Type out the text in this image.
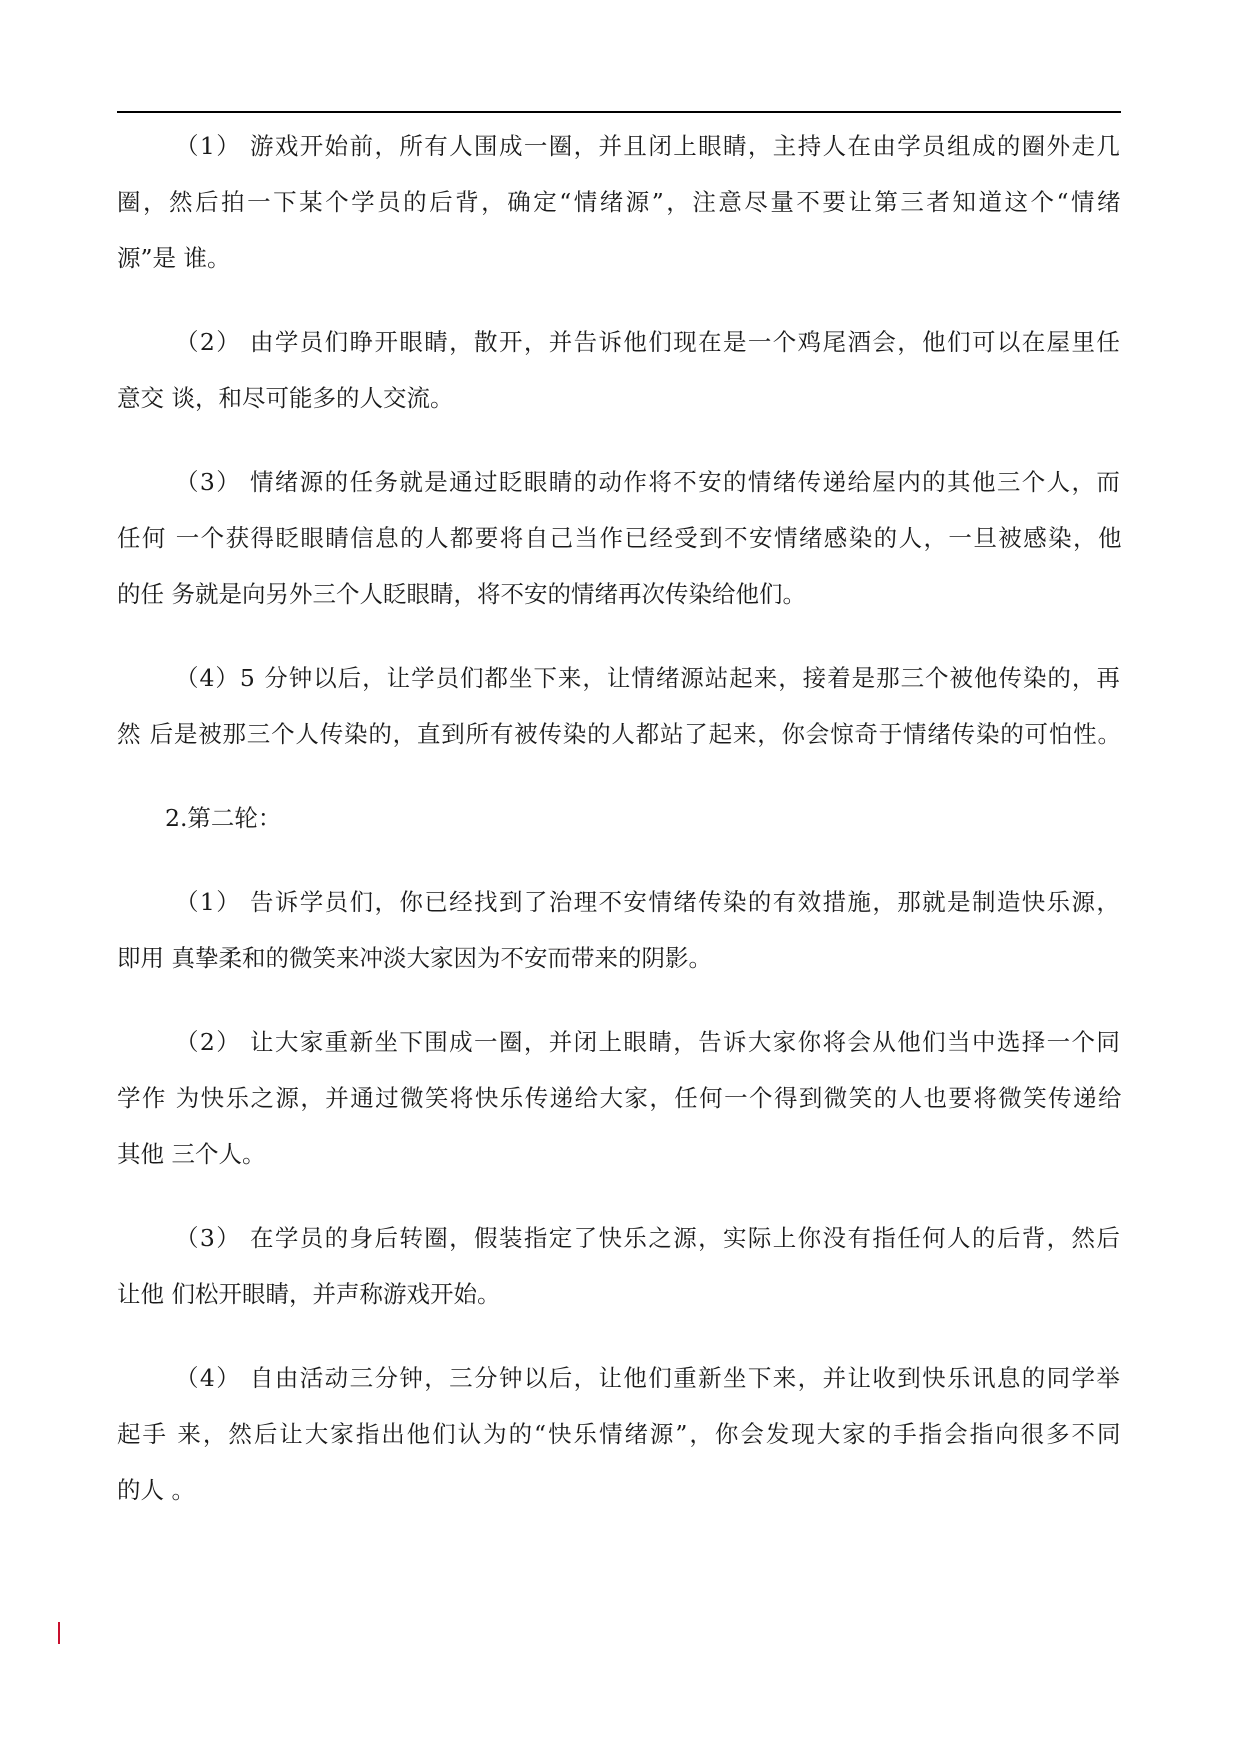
（1） 游戏开始前，所有人围成一圈，并且闭上眼睛，主持人在由学员组成的圈外走几
圈，然后拍一下某个学员的后背，确定“情绪源”，注意尽量不要让第三者知道这个“情绪
源”是 谁。
（2） 由学员们睁开眼睛，散开，并告诉他们现在是一个鸡尾酒会，他们可以在屋里任
意交 谈，和尽可能多的人交流。
（3） 情绪源的任务就是通过眨眼睛的动作将不安的情绪传递给屋内的其他三个人，而
任何 一个获得眨眼睛信息的人都要将自己当作已经受到不安情绪感染的人，一旦被感染，他
的任 务就是向另外三个人眨眼睛，将不安的情绪再次传染给他们。
（4）5 分钟以后，让学员们都坐下来，让情绪源站起来，接着是那三个被他传染的，再
然 后是被那三个人传染的，直到所有被传染的人都站了起来，你会惊奇于情绪传染的可怕性。
2.第二轮：
（1） 告诉学员们，你已经找到了治理不安情绪传染的有效措施，那就是制造快乐源，
即用 真挚柔和的微笑来冲淡大家因为不安而带来的阴影。
（2） 让大家重新坐下围成一圈，并闭上眼睛，告诉大家你将会从他们当中选择一个同
学作 为快乐之源，并通过微笑将快乐传递给大家，任何一个得到微笑的人也要将微笑传递给
其他 三个人。
（3） 在学员的身后转圈，假装指定了快乐之源，实际上你没有指任何人的后背，然后
让他 们松开眼睛，并声称游戏开始。
（4） 自由活动三分钟，三分钟以后，让他们重新坐下来，并让收到快乐讯息的同学举
起手 来，然后让大家指出他们认为的“快乐情绪源”，你会发现大家的手指会指向很多不同
的人 。
